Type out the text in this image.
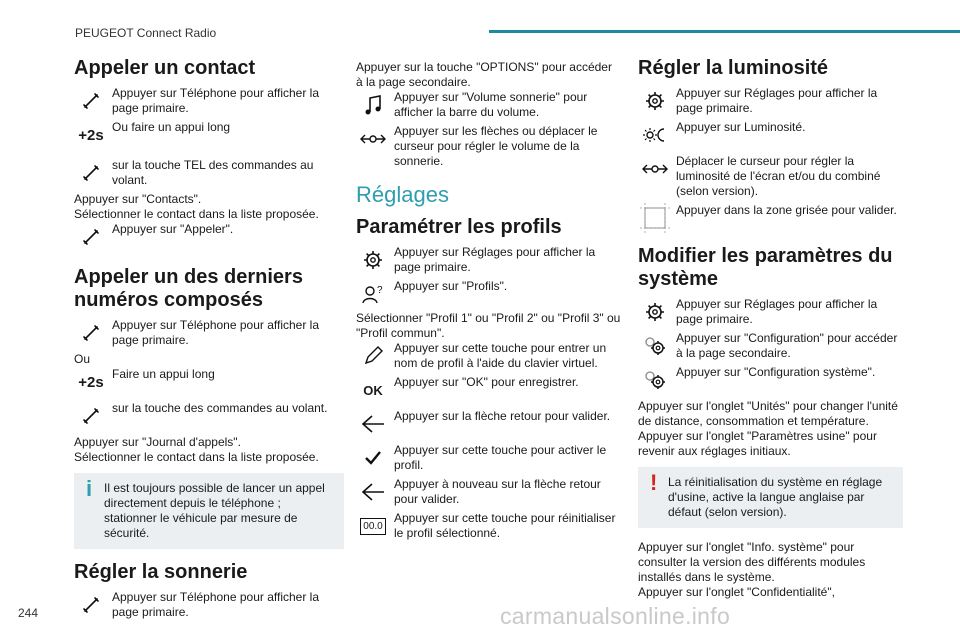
PEUGEOT Connect Radio
Appeler un contact
Appuyer sur Téléphone pour afficher la page primaire.
+2s Ou faire un appui long
sur la touche TEL des commandes au volant.
Appuyer sur "Contacts".
Sélectionner le contact dans la liste proposée.
Appuyer sur "Appeler".
Appeler un des derniers numéros composés
Appuyer sur Téléphone pour afficher la page primaire.
Ou
+2s Faire un appui long
sur la touche des commandes au volant.
Appuyer sur "Journal d'appels".
Sélectionner le contact dans la liste proposée.
i Il est toujours possible de lancer un appel directement depuis le téléphone ; stationner le véhicule par mesure de sécurité.
Régler la sonnerie
Appuyer sur Téléphone pour afficher la page primaire.
Appuyer sur la touche "OPTIONS" pour accéder à la page secondaire.
Appuyer sur "Volume sonnerie" pour afficher la barre du volume.
Appuyer sur les flèches ou déplacer le curseur pour régler le volume de la sonnerie.
Réglages
Paramétrer les profils
Appuyer sur Réglages pour afficher la page primaire.
? Appuyer sur "Profils".
Sélectionner "Profil 1" ou "Profil 2" ou "Profil 3" ou "Profil commun".
Appuyer sur cette touche pour entrer un nom de profil à l'aide du clavier virtuel.
OK
Appuyer sur "OK" pour enregistrer.
Appuyer sur la flèche retour pour valider.
Appuyer sur cette touche pour activer le profil.
Appuyer à nouveau sur la flèche retour pour valider.
00.0
Appuyer sur cette touche pour réinitialiser le profil sélectionné.
Régler la luminosité
Appuyer sur Réglages pour afficher la page primaire.
Appuyer sur Luminosité.
Déplacer le curseur pour régler la luminosité de l'écran et/ou du combiné (selon version).
Appuyer dans la zone grisée pour valider.
Modifier les paramètres du système
Appuyer sur Réglages pour afficher la page primaire.
Appuyer sur "Configuration" pour accéder à la page secondaire.
Appuyer sur "Configuration système".
Appuyer sur l'onglet "Unités" pour changer l'unité de distance, consommation et température.
Appuyer sur l'onglet "Paramètres usine" pour revenir aux réglages initiaux.
! La réinitialisation du système en réglage d'usine, active la langue anglaise par défaut (selon version).
Appuyer sur l'onglet "Info. système" pour consulter la version des différents modules installés dans le système.
Appuyer sur l'onglet "Confidentialité",
244	carmanualsonline.info
